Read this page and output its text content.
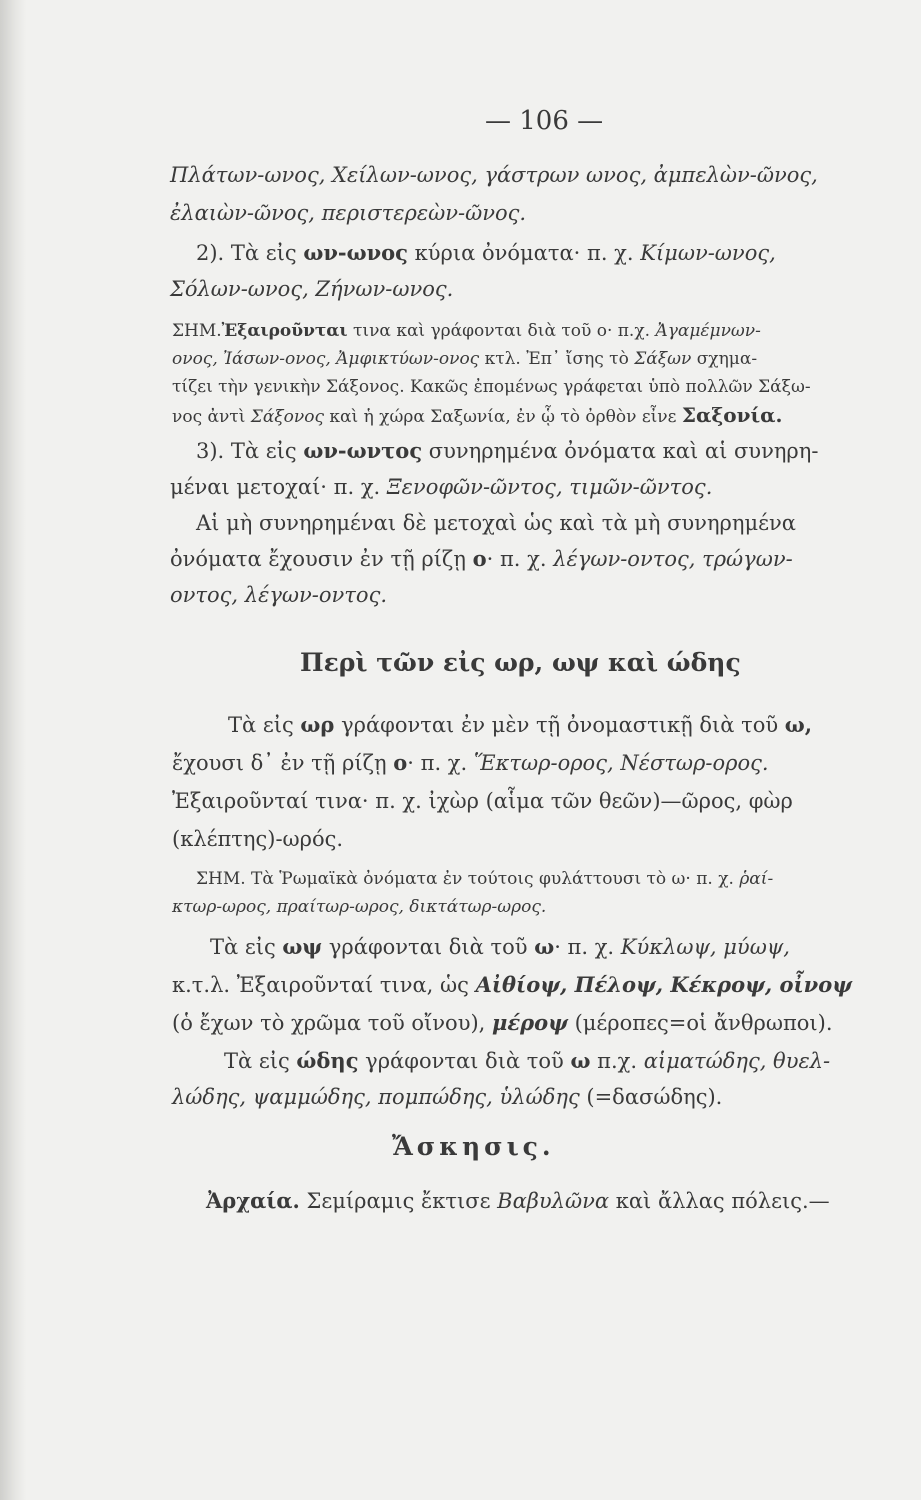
— 106 —
Πλάτων-ωνος, Χείλων-ωνος, γάστρων ωνος, ἀμπελὼν-ῶνος,
ἐλαιὼν-ῶνος, περιστερεὼν-ῶνος.
2). Τὰ εἰς ων-ωνος κύρια ὀνόματα· π. χ. Κίμων-ωνος,
Σόλων-ωνος, Ζήνων-ωνος.
ΣΗΜ.Ἐξαιροῦνται τινα καὶ γράφονται διὰ τοῦ ο· π.χ. Ἀγαμέμνων-
ονος, Ἰάσων-ονος, Ἀμφικτύων-ονος κτλ. Ἐπ᾿ ἴσης τὸ Σάξων σχημα-
τίζει τὴν γενικὴν Σάξονος. Κακῶς ἐπομένως γράφεται ὑπὸ πολλῶν Σάξω-
νος ἀντὶ Σάξονος καὶ ἡ χώρα Σαξωνία, ἐν ᾧ τὸ ὀρθὸν εἶνε Σαξονία.
3). Τὰ εἰς ων-ωντος συνηρημένα ὀνόματα καὶ αἱ συνηρη-
μέναι μετοχαί· π. χ. Ξενοφῶν-ῶντος, τιμῶν-ῶντος.
Αἱ μὴ συνηρημέναι δὲ μετοχαὶ ὡς καὶ τὰ μὴ συνηρημένα
ὀνόματα ἔχουσιν ἐν τῇ ρίζῃ ο· π. χ. λέγων-οντος, τρώγων-
οντος, λέγων-οντος.
Περὶ τῶν εἰς ωρ, ωψ καὶ ώδης
Τὰ εἰς ωρ γράφονται ἐν μὲν τῇ ὀνομαστικῇ διὰ τοῦ ω,
ἔχουσι δ᾿ ἐν τῇ ρίζῃ ο· π. χ. Ἕκτωρ-ορος, Νέστωρ-ορος.
Ἐξαιροῦνταί τινα· π. χ. ἰχὼρ (αἷμα τῶν θεῶν)—ῶρος, φὼρ
(κλέπτης)-ωρός.
ΣΗΜ. Τὰ Ῥωμαϊκὰ ὀνόματα ἐν τούτοις φυλάττουσι τὸ ω· π. χ. ῥαί-
κτωρ-ωρος, πραίτωρ-ωρος, δικτάτωρ-ωρος.
Τὰ εἰς ωψ γράφονται διὰ τοῦ ω· π. χ. Κύκλωψ, μύωψ,
κ.τ.λ. Ἐξαιροῦνταί τινα, ὡς Αἰθίοψ, Πέλοψ, Κέκροψ, οἶνοψ
(ὁ ἔχων τὸ χρῶμα τοῦ οἴνου), μέροψ (μέροπες=οἱ ἄνθρωποι).
Τὰ εἰς ώδης γράφονται διὰ τοῦ ω π.χ. αἱματώδης, θυελ-
λώδης, ψαμμώδης, πομπώδης, ὑλώδης (=δασώδης).
Ἄσκησις.
Ἀρχαία. Σεμίραμις ἔκτισε Βαβυλῶνα καὶ ἄλλας πόλεις.—
